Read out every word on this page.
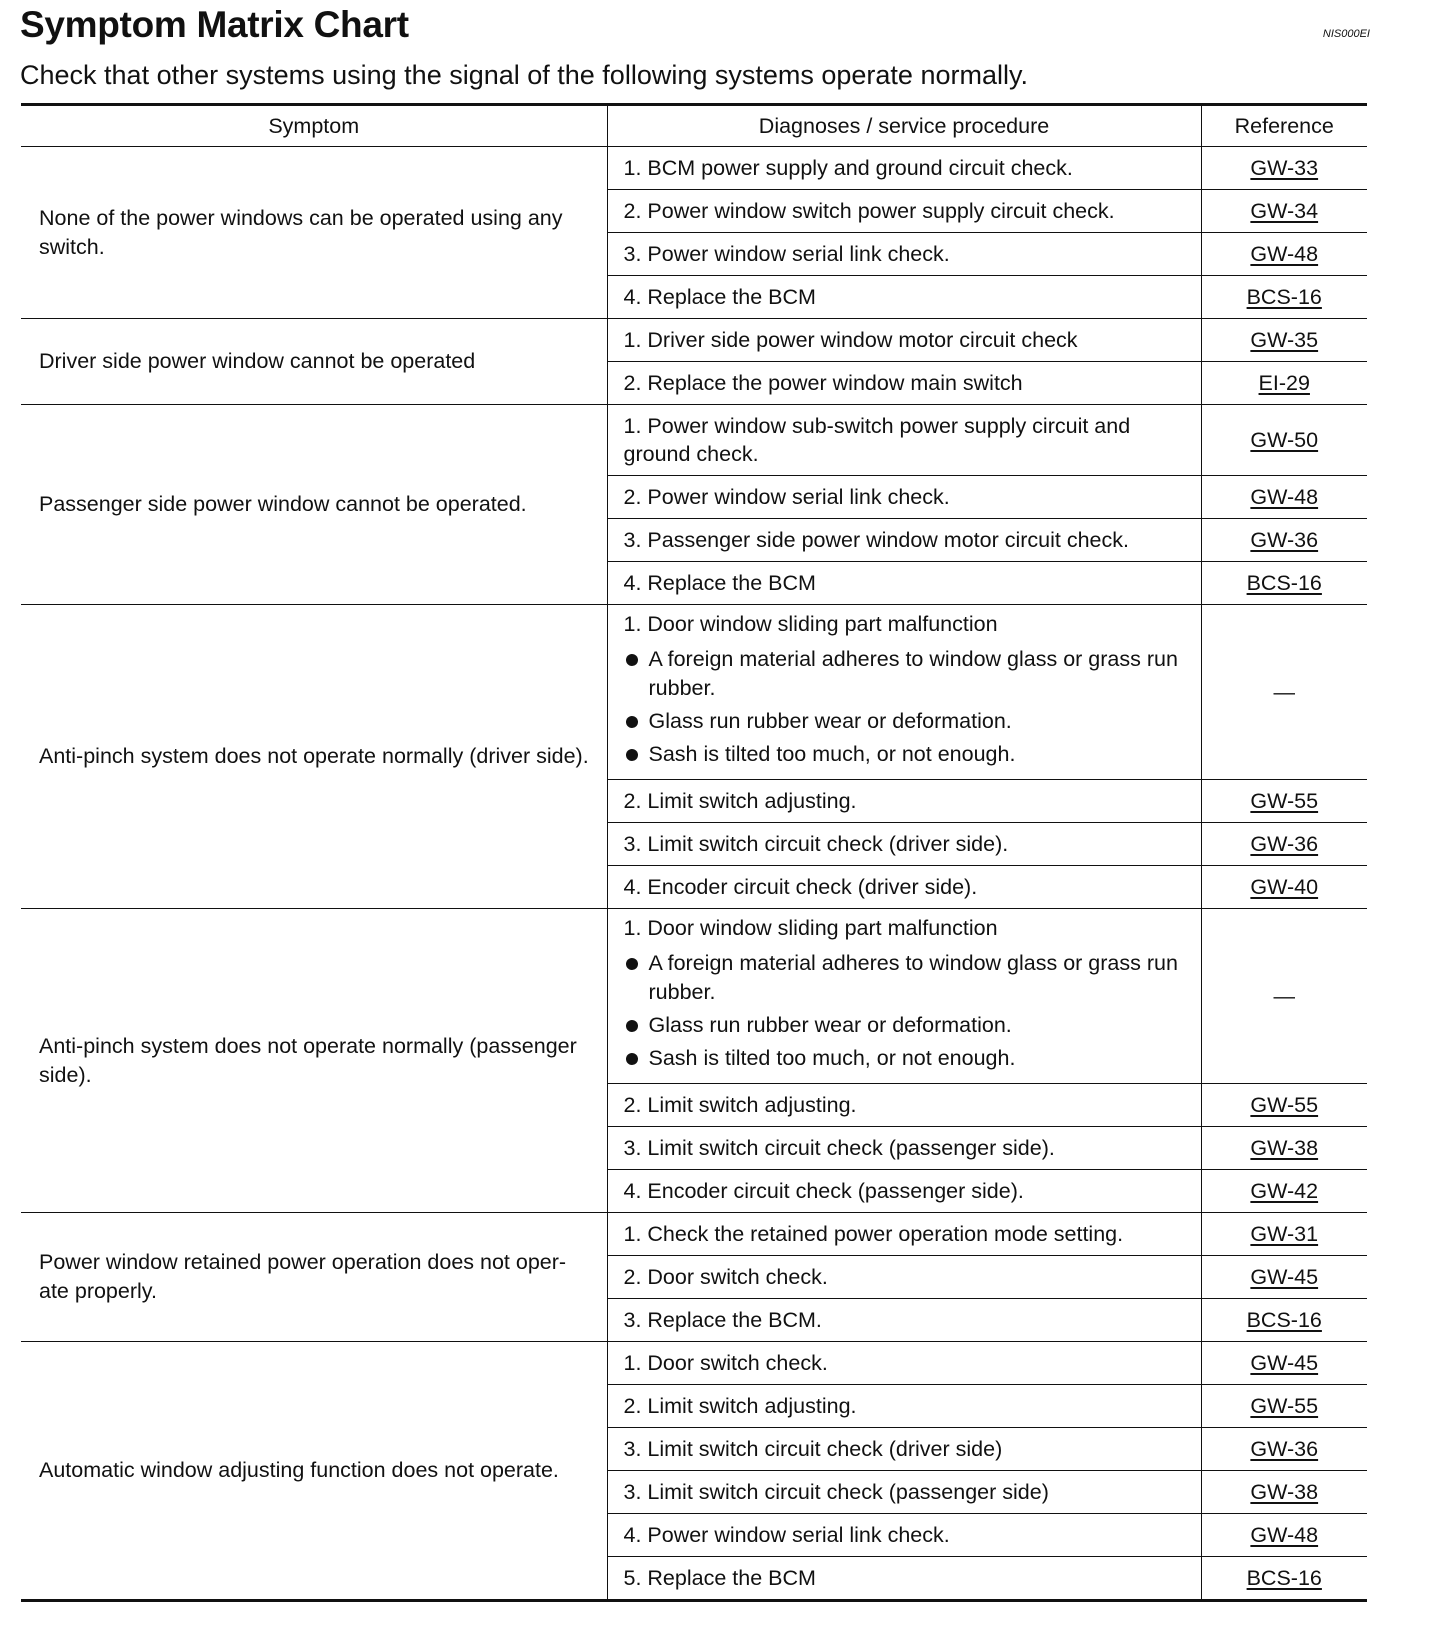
Symptom Matrix Chart	NIS000EI
Check that other systems using the signal of the following systems operate normally.
Symptom	Diagnoses / service procedure	Reference
None of the power windows can be operated using any switch.	1. BCM power supply and ground circuit check.	GW-33
	2. Power window switch power supply circuit check.	GW-34
	3. Power window serial link check.	GW-48
	4. Replace the BCM	BCS-16
Driver side power window cannot be operated	1. Driver side power window motor circuit check	GW-35
	2. Replace the power window main switch	EI-29
Passenger side power window cannot be operated.	1. Power window sub-switch power supply circuit and ground check.	GW-50
	2. Power window serial link check.	GW-48
	3. Passenger side power window motor circuit check.	GW-36
	4. Replace the BCM	BCS-16
Anti-pinch system does not operate normally (driver side).	1. Door window sliding part malfunction
A foreign material adheres to window glass or grass run rubber.
Glass run rubber wear or deformation.
Sash is tilted too much, or not enough.	—
	2. Limit switch adjusting.	GW-55
	3. Limit switch circuit check (driver side).	GW-36
	4. Encoder circuit check (driver side).	GW-40
Anti-pinch system does not operate normally (passenger side).	1. Door window sliding part malfunction
A foreign material adheres to window glass or grass run rubber.
Glass run rubber wear or deformation.
Sash is tilted too much, or not enough.	—
	2. Limit switch adjusting.	GW-55
	3. Limit switch circuit check (passenger side).	GW-38
	4. Encoder circuit check (passenger side).	GW-42
Power window retained power operation does not oper- ate properly.	1. Check the retained power operation mode setting.	GW-31
	2. Door switch check.	GW-45
	3. Replace the BCM.	BCS-16
Automatic window adjusting function does not operate.	1. Door switch check.	GW-45
	2. Limit switch adjusting.	GW-55
	3. Limit switch circuit check (driver side)	GW-36
	3. Limit switch circuit check (passenger side)	GW-38
	4. Power window serial link check.	GW-48
	5. Replace the BCM	BCS-16
